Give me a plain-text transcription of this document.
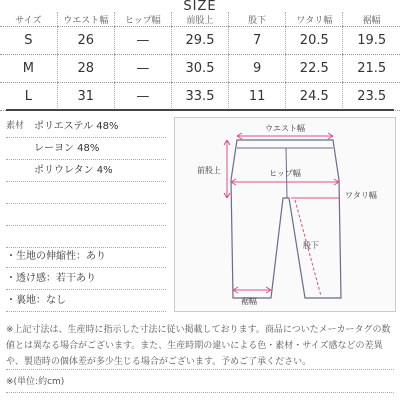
SIZE
サイズ	ウエスト幅	ヒップ幅	前股上	股下	ワタリ幅	裾幅
S	26	—	29.5	7	20.5	19.5
M	28	—	30.5	9	22.5	21.5
L	31	—	33.5	11	24.5	23.5
素材 ポリエステル 48%
レーヨン 48%
ポリウレタン 4%
・生地の伸縮性：あり
・透け感：若干あり
・裏地：なし
ウエスト幅
前股上	ヒップ幅
ワタリ幅
股下
裾幅
※上記寸法は、生産時に指示した寸法に従い掲載しております。商品についたメーカータグの数値とは異なる場合がございます。また、生産時期の違いによる色・素材・サイズ感などの差異や、製造時の個体差が多少生じる場合がございます。予めご了承ください。
※(単位:約cm)
